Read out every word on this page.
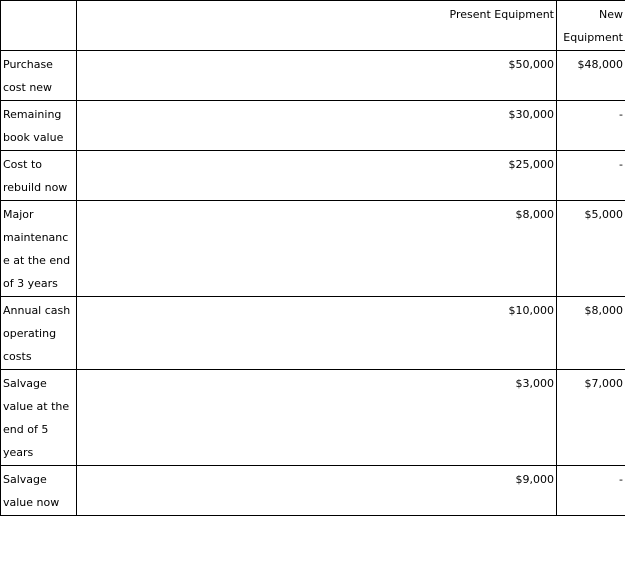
	Present Equipment	New Equipment
Purchase cost new	$50,000	$48,000
Remaining book value	$30,000	-
Cost to rebuild now	$25,000	-
Major maintenance at the end of 3 years	$8,000	$5,000
Annual cash operating costs	$10,000	$8,000
Salvage value at the end of 5 years	$3,000	$7,000
Salvage value now	$9,000	-
